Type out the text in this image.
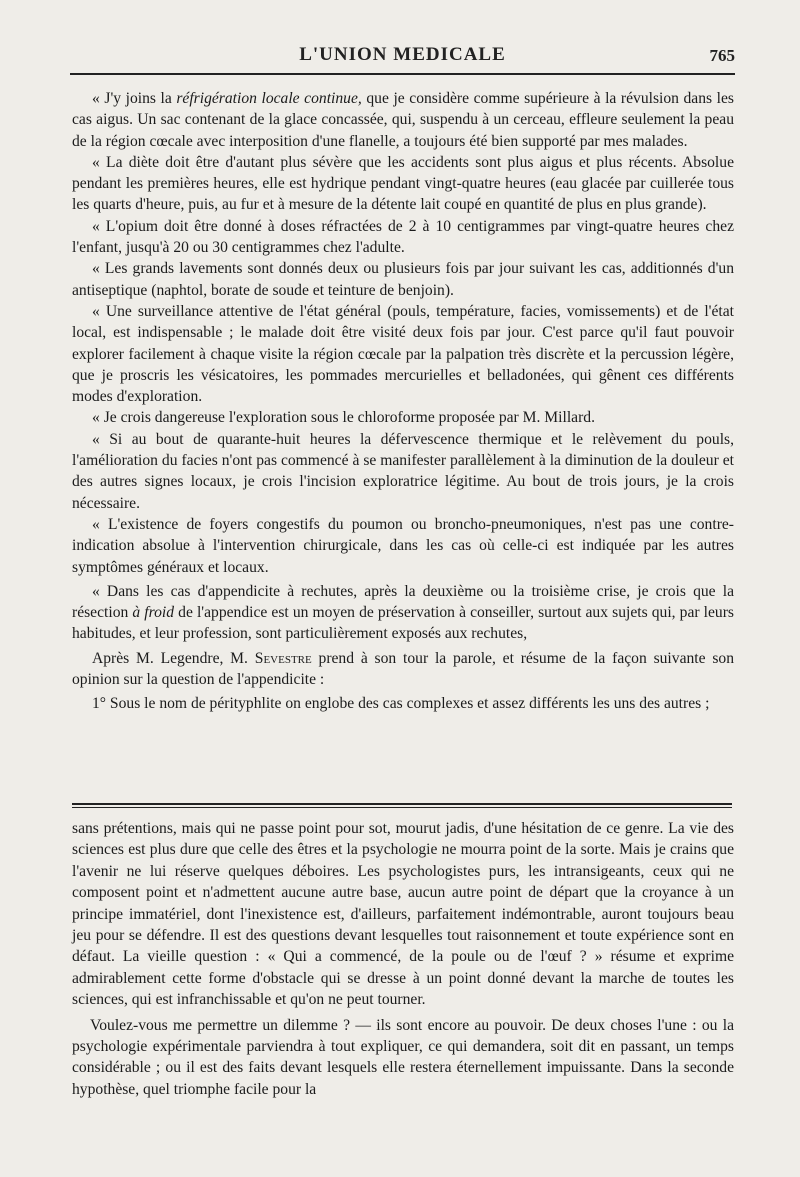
L'UNION MEDICALE	765

« J'y joins la réfrigération locale continue, que je considère comme supérieure à la révulsion dans les cas aigus. Un sac contenant de la glace concassée, qui, suspendu à un cerceau, effleure seulement la peau de la région cœcale avec interposition d'une flanelle, a toujours été bien supporté par mes malades.

« La diète doit être d'autant plus sévère que les accidents sont plus aigus et plus récents. Absolue pendant les premières heures, elle est hydrique pendant vingt-quatre heures (eau glacée par cuillerée tous les quarts d'heure, puis, au fur et à mesure de la détente lait coupé en quantité de plus en plus grande).

« L'opium doit être donné à doses réfractées de 2 à 10 centigrammes par vingt-quatre heures chez l'enfant, jusqu'à 20 ou 30 centigrammes chez l'adulte.

« Les grands lavements sont donnés deux ou plusieurs fois par jour suivant les cas, additionnés d'un antiseptique (naphtol, borate de soude et teinture de benjoin).

« Une surveillance attentive de l'état général (pouls, température, facies, vomissements) et de l'état local, est indispensable ; le malade doit être visité deux fois par jour. C'est parce qu'il faut pouvoir explorer facilement à chaque visite la région cœcale par la palpation très discrète et la percussion légère, que je proscris les vésicatoires, les pommades mercurielles et belladonées, qui gênent ces différents modes d'exploration.

« Je crois dangereuse l'exploration sous le chloroforme proposée par M. Millard.

« Si au bout de quarante-huit heures la défervescence thermique et le relèvement du pouls, l'amélioration du facies n'ont pas commencé à se manifester parallèlement à la diminution de la douleur et des autres signes locaux, je crois l'incision exploratrice légitime. Au bout de trois jours, je la crois nécessaire.

« L'existence de foyers congestifs du poumon ou broncho-pneumoniques, n'est pas une contre-indication absolue à l'intervention chirurgicale, dans les cas où celle-ci est indiquée par les autres symptômes généraux et locaux.

« Dans les cas d'appendicite à rechutes, après la deuxième ou la troisième crise, je crois que la résection à froid de l'appendice est un moyen de préservation à conseiller, surtout aux sujets qui, par leurs habitudes, et leur profession, sont particulièrement exposés aux rechutes,

Après M. Legendre, M. Sevestre prend à son tour la parole, et résume de la façon suivante son opinion sur la question de l'appendicite :

1° Sous le nom de pérityphlite on englobe des cas complexes et assez différents les uns des autres ;

sans prétentions, mais qui ne passe point pour sot, mourut jadis, d'une hésitation de ce genre. La vie des sciences est plus dure que celle des êtres et la psychologie ne mourra point de la sorte. Mais je crains que l'avenir ne lui réserve quelques déboires. Les psychologistes purs, les intransigeants, ceux qui ne composent point et n'admettent aucune autre base, aucun autre point de départ que la croyance à un principe immatériel, dont l'inexistence est, d'ailleurs, parfaitement indémontrable, auront toujours beau jeu pour se défendre. Il est des questions devant lesquelles tout raisonnement et toute expérience sont en défaut. La vieille question : « Qui a commencé, de la poule ou de l'œuf ? » résume et exprime admirablement cette forme d'obstacle qui se dresse à un point donné devant la marche de toutes les sciences, qui est infranchissable et qu'on ne peut tourner.

Voulez-vous me permettre un dilemme ? — ils sont encore au pouvoir. De deux choses l'une : ou la psychologie expérimentale parviendra à tout expliquer, ce qui demandera, soit dit en passant, un temps considérable ; ou il est des faits devant lesquels elle restera éternellement impuissante. Dans la seconde hypothèse, quel triomphe facile pour la
